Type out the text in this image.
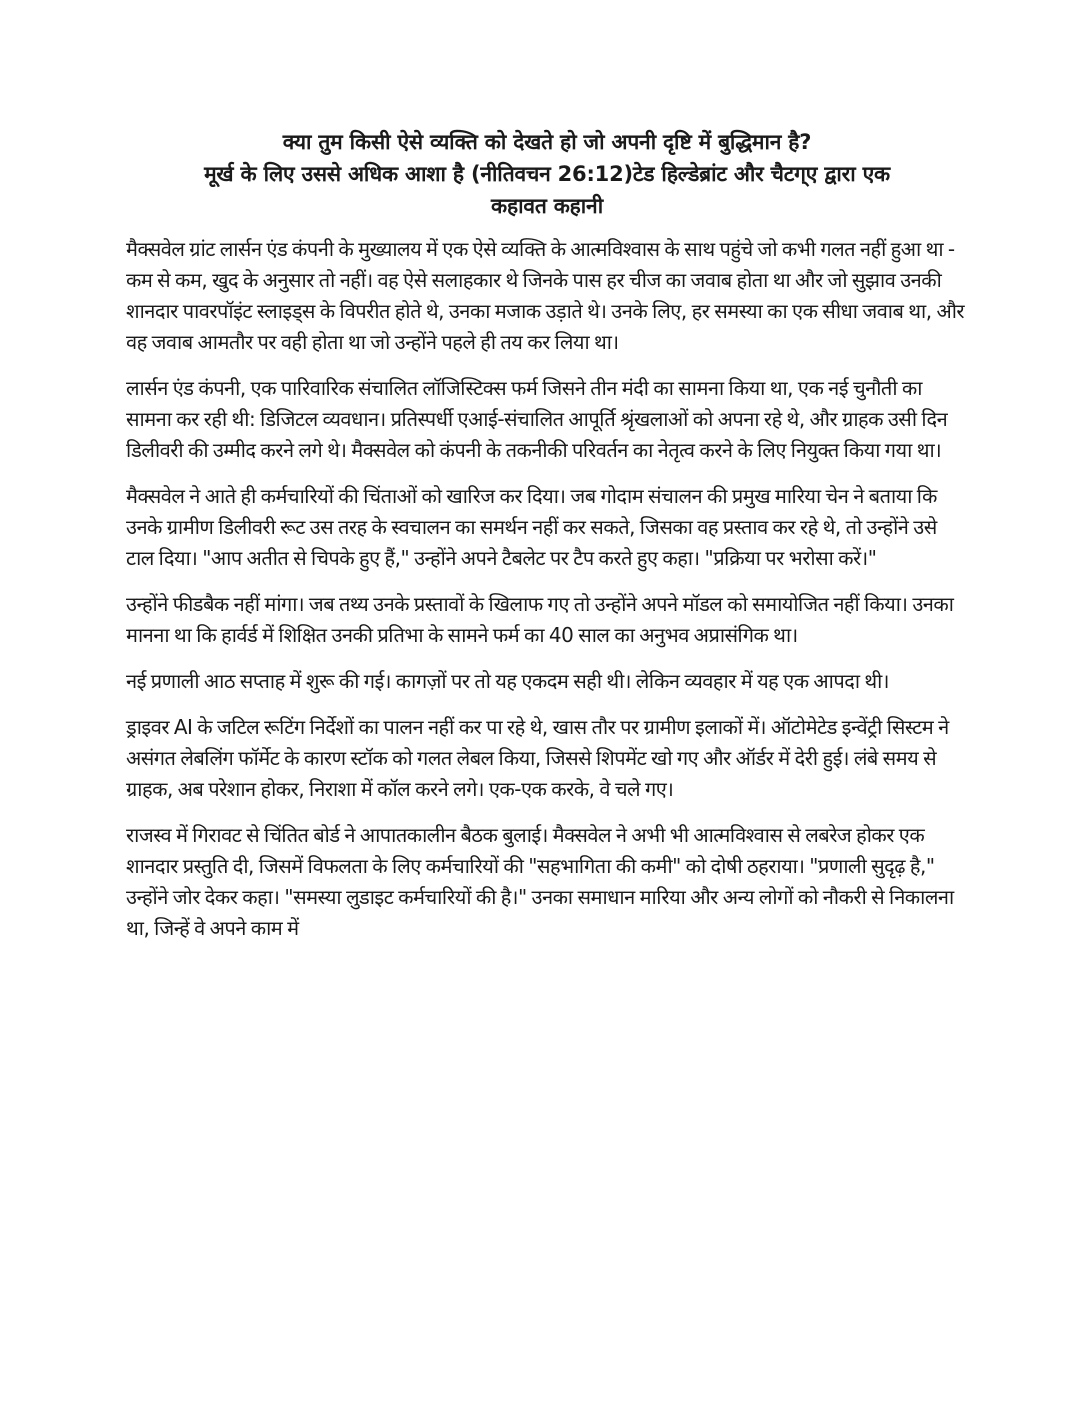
क्या तुम किसी ऐसे व्यक्ति को देखते हो जो अपनी दृष्टि में बुद्धिमान है?
मूर्ख के लिए उससे अधिक आशा है (नीतिवचन 26:12)टेड हिल्डेब्रांट और चैटग्ए द्वारा एक
कहावत कहानी

मैक्सवेल ग्रांट लार्सन एंड कंपनी के मुख्यालय में एक ऐसे व्यक्ति के आत्मविश्वास के साथ पहुंचे जो कभी गलत नहीं हुआ था - कम से कम, खुद के अनुसार तो नहीं। वह ऐसे सलाहकार थे जिनके पास हर चीज का जवाब होता था और जो सुझाव उनकी शानदार पावरपॉइंट स्लाइड्स के विपरीत होते थे, उनका मजाक उड़ाते थे। उनके लिए, हर समस्या का एक सीधा जवाब था, और वह जवाब आमतौर पर वही होता था जो उन्होंने पहले ही तय कर लिया था।

लार्सन एंड कंपनी, एक पारिवारिक संचालित लॉजिस्टिक्स फर्म जिसने तीन मंदी का सामना किया था, एक नई चुनौती का सामना कर रही थी: डिजिटल व्यवधान। प्रतिस्पर्धी एआई-संचालित आपूर्ति श्रृंखलाओं को अपना रहे थे, और ग्राहक उसी दिन डिलीवरी की उम्मीद करने लगे थे। मैक्सवेल को कंपनी के तकनीकी परिवर्तन का नेतृत्व करने के लिए नियुक्त किया गया था।

मैक्सवेल ने आते ही कर्मचारियों की चिंताओं को खारिज कर दिया। जब गोदाम संचालन की प्रमुख मारिया चेन ने बताया कि उनके ग्रामीण डिलीवरी रूट उस तरह के स्वचालन का समर्थन नहीं कर सकते, जिसका वह प्रस्ताव कर रहे थे, तो उन्होंने उसे टाल दिया। "आप अतीत से चिपके हुए हैं," उन्होंने अपने टैबलेट पर टैप करते हुए कहा। "प्रक्रिया पर भरोसा करें।"

उन्होंने फीडबैक नहीं मांगा। जब तथ्य उनके प्रस्तावों के खिलाफ गए तो उन्होंने अपने मॉडल को समायोजित नहीं किया। उनका मानना था कि हार्वर्ड में शिक्षित उनकी प्रतिभा के सामने फर्म का 40 साल का अनुभव अप्रासंगिक था।

नई प्रणाली आठ सप्ताह में शुरू की गई। कागज़ों पर तो यह एकदम सही थी। लेकिन व्यवहार में यह एक आपदा थी।

ड्राइवर AI के जटिल रूटिंग निर्देशों का पालन नहीं कर पा रहे थे, खास तौर पर ग्रामीण इलाकों में। ऑटोमेटेड इन्वेंट्री सिस्टम ने असंगत लेबलिंग फॉर्मेट के कारण स्टॉक को गलत लेबल किया, जिससे शिपमेंट खो गए और ऑर्डर में देरी हुई। लंबे समय से ग्राहक, अब परेशान होकर, निराशा में कॉल करने लगे। एक-एक करके, वे चले गए।

राजस्व में गिरावट से चिंतित बोर्ड ने आपातकालीन बैठक बुलाई। मैक्सवेल ने अभी भी आत्मविश्वास से लबरेज होकर एक शानदार प्रस्तुति दी, जिसमें विफलता के लिए कर्मचारियों की "सहभागिता की कमी" को दोषी ठहराया। "प्रणाली सुदृढ़ है," उन्होंने जोर देकर कहा। "समस्या लुडाइट कर्मचारियों की है।" उनका समाधान मारिया और अन्य लोगों को नौकरी से निकालना था, जिन्हें वे अपने काम में
